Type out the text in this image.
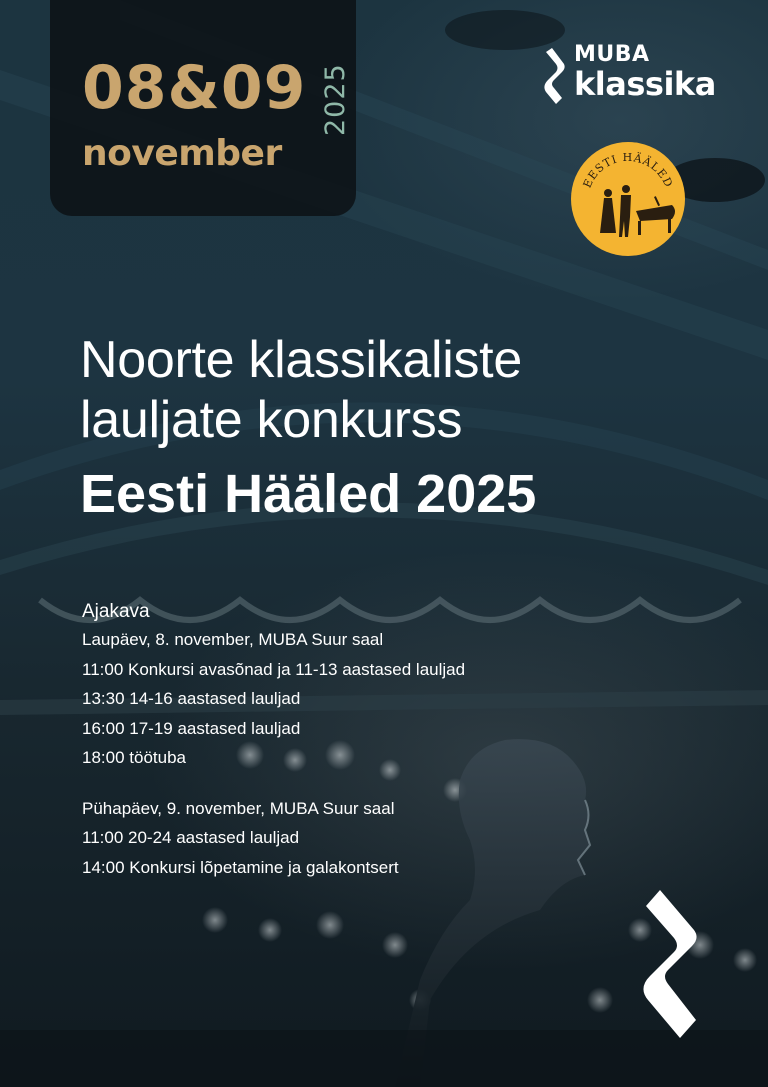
08&09
november
2025
MUBA
klassika
EESTI HÄÄLED
Noorte klassikaliste
lauljate konkurss
Eesti Hääled 2025
Ajakava
Laupäev, 8. november, MUBA Suur saal
11:00 Konkursi avasõnad ja 11-13 aastased lauljad
13:30 14-16 aastased lauljad
16:00 17-19 aastased lauljad
18:00 töötuba
Pühapäev, 9. november, MUBA Suur saal
11:00 20-24 aastased lauljad
14:00 Konkursi lõpetamine ja galakontsert
